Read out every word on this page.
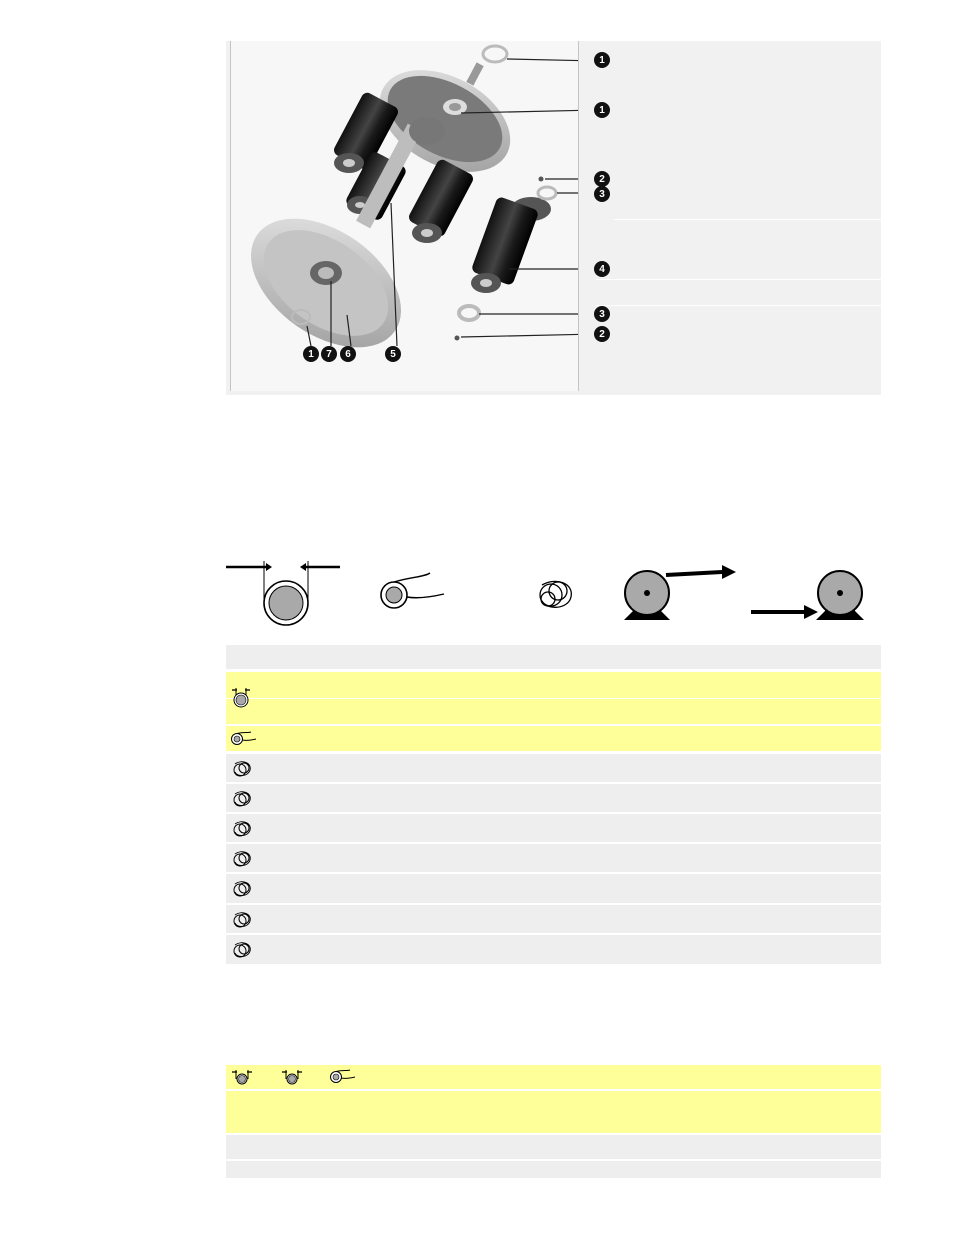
1
1
2
3
4
3
2
1	7	6	5
